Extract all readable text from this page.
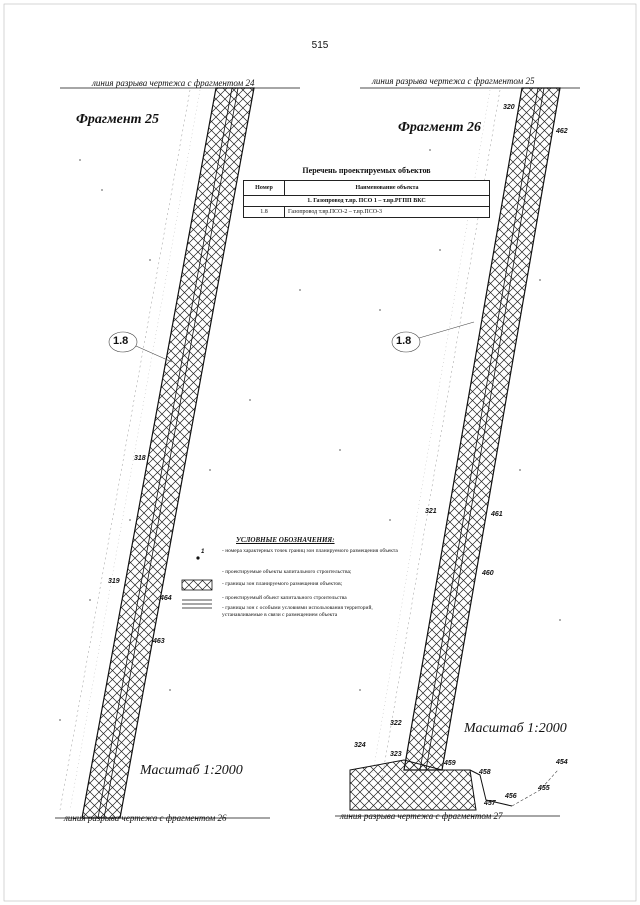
515
линия разрыва чертежа с фрагментом 24	линия разрыва чертежа с фрагментом 25
линия разрыва чертежа с фрагментом 26	линия разрыва чертежа с фрагментом 27
Фрагмент 25
Фрагмент 26
1.8	1.8
Масштаб 1:2000
Масштаб 1:2000
318
319
464
463
320
462
321	461
460
322
323
324
459
458
457
456
455
454
Перечень проектируемых объектов
Номер	Наименование объекта
1. Газопровод т.вр. ПСО 1 – т.вр.РГПП ВКС	
1.8	Газопровод т.вр.ПСО-2 – т.вр.ПСО-3
УСЛОВНЫЕ ОБОЗНАЧЕНИЯ:
1	- номера характерных точек границ зон планируемого размещения объекта
- проектируемые объекты капитального строительства;
- границы зон планируемого размещения объектов;
- проектируемый объект капитального строительства
- границы зон с особыми условиями использования территорий, устанавливаемые в связи с размещением объекта
